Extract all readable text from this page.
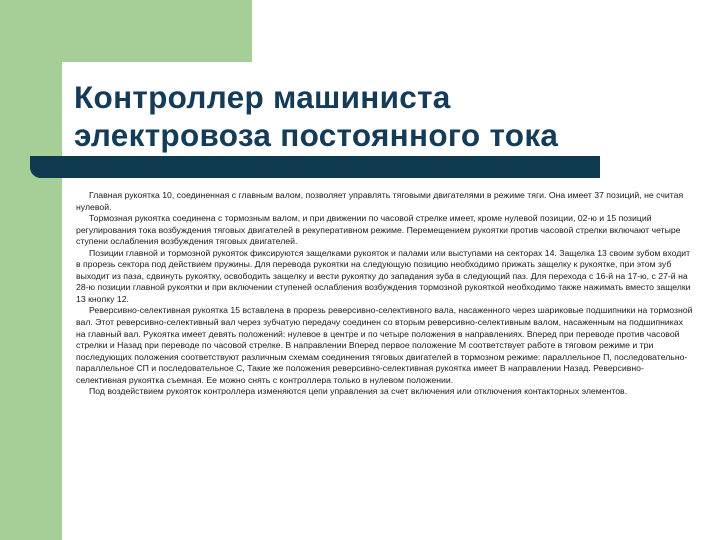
Контроллер машиниста
электровоза постоянного тока

Главная рукоятка 10, соединенная с главным валом, позволяет управлять тяговыми двигателями в режиме тяги. Она имеет 37 позиций, не считая нулевой.

Тормозная рукоятка соединена с тормозным валом, и при движении по часовой стрелке имеет, кроме нулевой позиции, 02-ю и 15 позиций регулирования тока возбуждения тяговых двигателей в рекуперативном режиме. Перемещением рукоятки против часовой стрелки включают четыре ступени ослабления возбуждения тяговых двигателей.

Позиции главной и тормозной рукояток фиксируются защелками рукояток и палами или выступами на секторах 14. Защелка 13 своим зубом входит в прорезь сектора под действием пружины. Для перевода рукоятки на следующую позицию необходимо прижать защелку к рукоятке, при этом зуб выходит из паза, сдвинуть рукоятку, освободить защелку и вести рукоятку до западания зуба в следующий паз. Для перехода с 16-й на 17-ю, с 27-й на 28-ю позиции главной рукоятки и при включении ступеней ослабления возбуждения тормозной рукояткой необходимо также нажимать вместо защелки 13 кнопку 12.

Реверсивно-селективная рукоятка 15 вставлена в прорезь реверсивно-селективного вала, насаженного через шариковые подшипники на тормозной вал. Этот реверсивно-селективный вал через зубчатую передачу соединен со вторым реверсивно-селективным валом, насаженным на подшипниках на главный вал. Рукоятка имеет девять положений: нулевое в центре и по четыре положения в направлениях. Вперед при переводе против часовой стрелки и Назад при переводе по часовой стрелке. В направлении Вперед первое положение М соответствует работе в тяговом режиме и три последующих положения соответствуют различным схемам соединения тяговых двигателей в тормозном режиме: параллельное П, последовательно-параллельное СП и последовательное С, Такие же положения реверсивно-селективная рукоятка имеет В направлении Назад. Реверсивно-селективная рукоятка съемная. Ее можно снять с контроллера только в нулевом положении.

Под воздействием рукояток контроллера изменяются цепи управления за счет включения или отключения контакторных элементов.
